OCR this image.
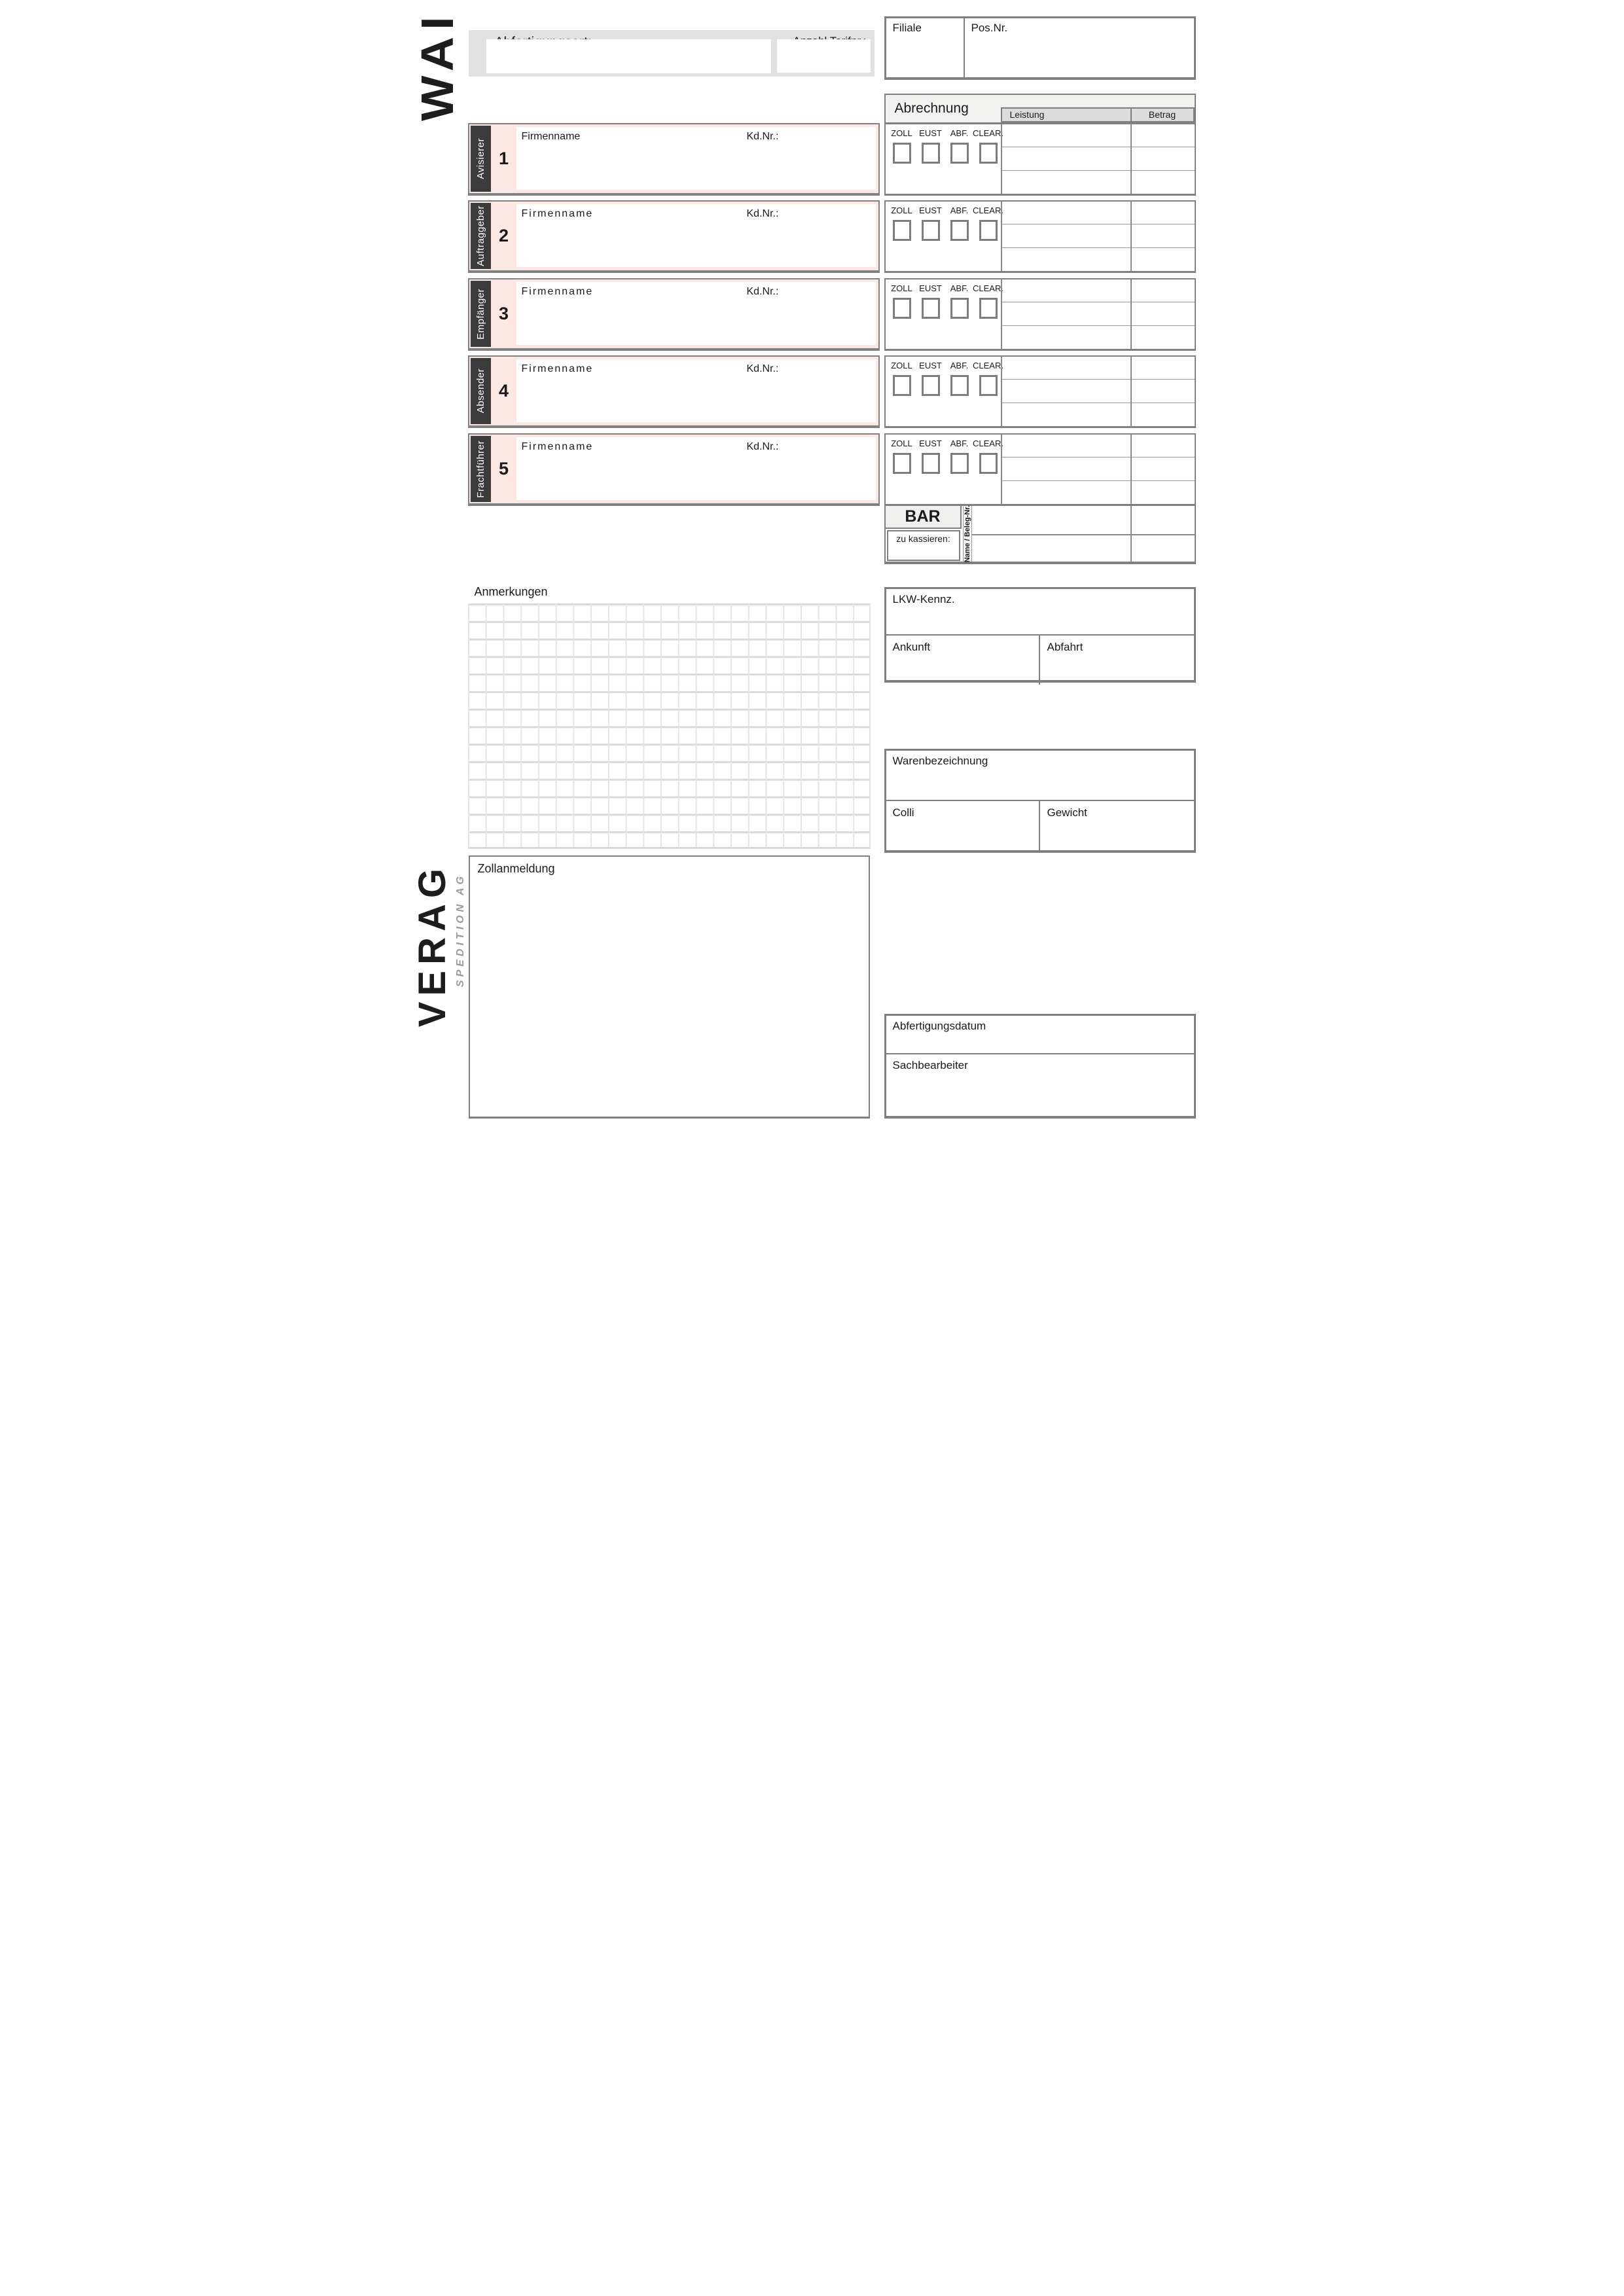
WAI
VERAG SPEDITION AG
Filiale	Pos.Nr.
Abrechnung	Leistung	Betrag
ZOLL EUST ABF. CLEAR.
ZOLL EUST ABF. CLEAR.
ZOLL EUST ABF. CLEAR.
ZOLL EUST ABF. CLEAR.
ZOLL EUST ABF. CLEAR.
Avisierer 1
Firmenname	Kd.Nr.:
Auftraggeber 2
Firmenname	Kd.Nr.:
Empfänger 3
Firmenname	Kd.Nr.:
Absender 4
Firmenname	Kd.Nr.:
Frachtführer 5
Firmenname	Kd.Nr.:
BAR
zu kassieren:	Name / Beleg-Nr.
Anmerkungen
LKW-Kennz.
Ankunft	Abfahrt
Warenbezeichnung
Colli	Gewicht
Zollanmeldung
Abfertigungsdatum
Sachbearbeiter
